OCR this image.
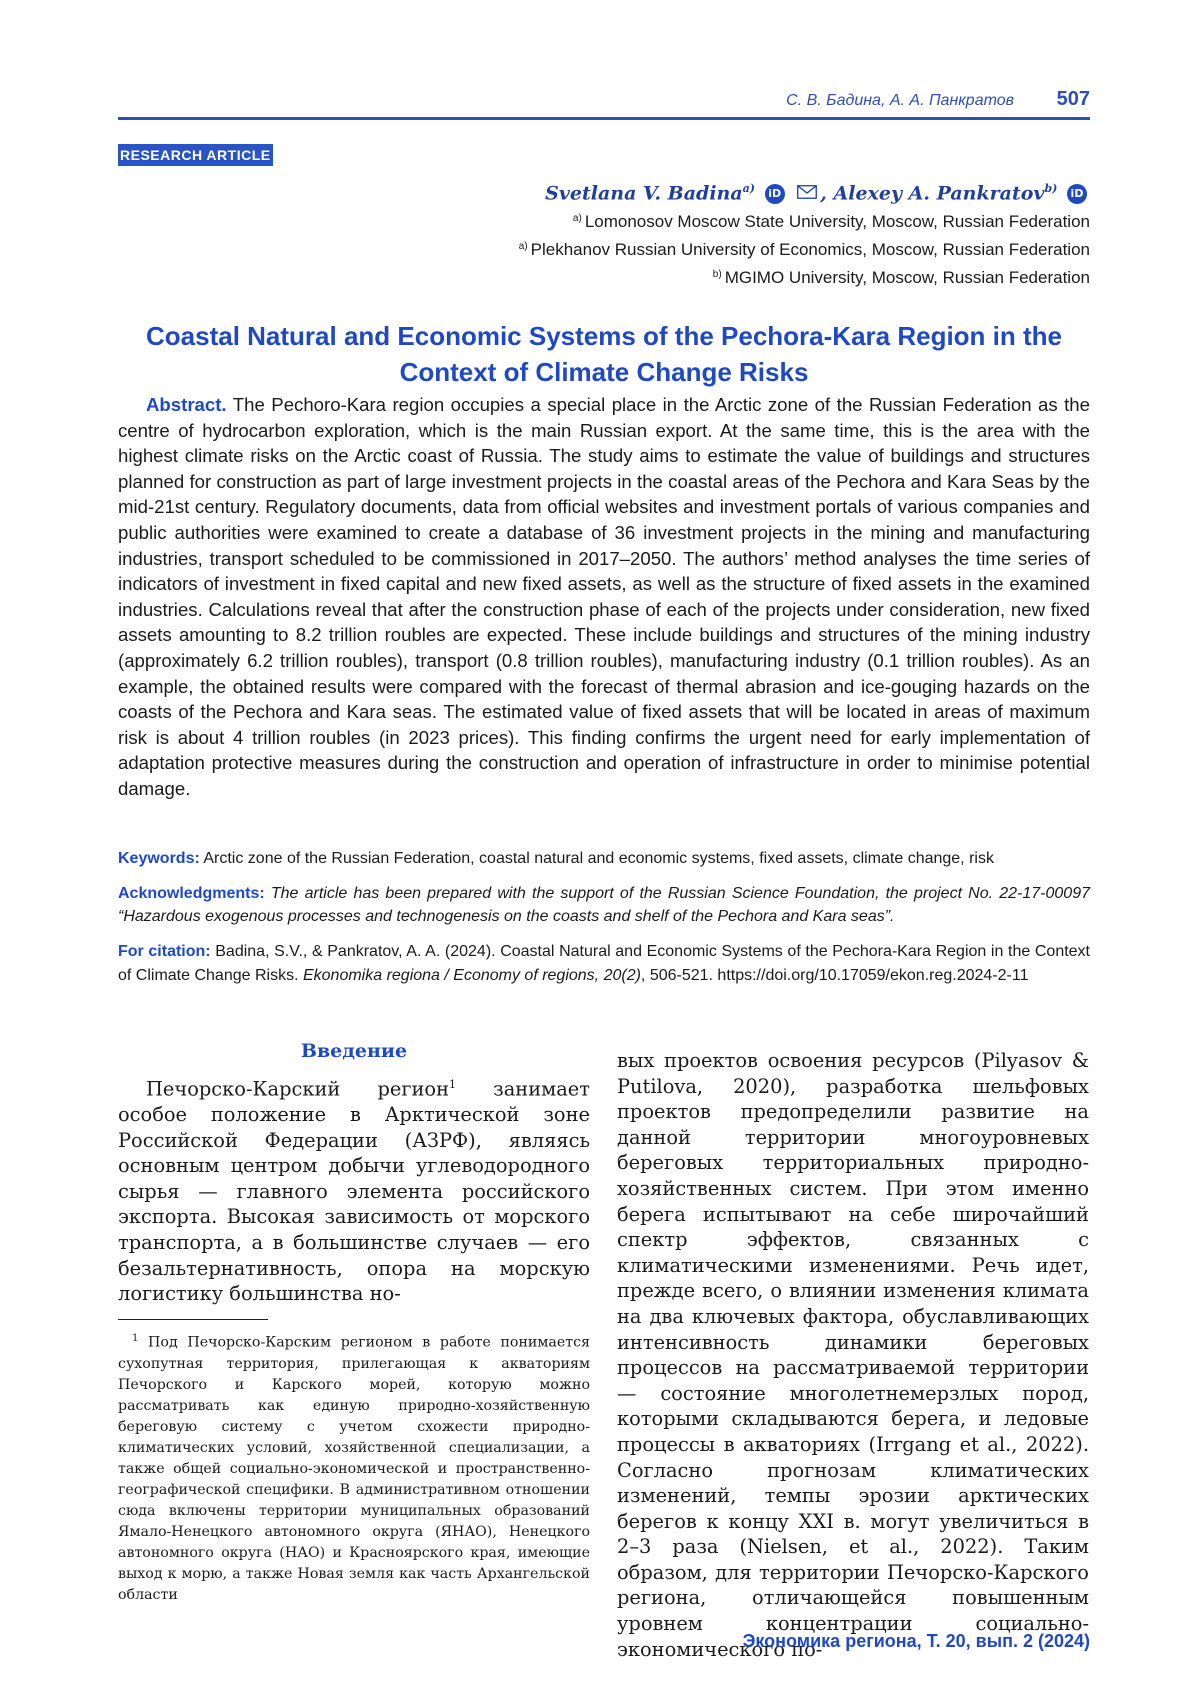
С. В. Бадина, А. А. Панкратов 507
RESEARCH ARTICLE
Svetlana V. Badina$^{a)}$ iD , Alexey A. Pankratov$^{b)}$ iD
$^{a)}$ Lomonosov Moscow State University, Moscow, Russian Federation
$^{a)}$ Plekhanov Russian University of Economics, Moscow, Russian Federation
$^{b)}$ MGIMO University, Moscow, Russian Federation
Coastal Natural and Economic Systems of the Pechora-Kara Region in the Context of Climate Change Risks
Abstract. The Pechoro-Kara region occupies a special place in the Arctic zone of the Russian Federation as the centre of hydrocarbon exploration, which is the main Russian export. At the same time, this is the area with the highest climate risks on the Arctic coast of Russia. The study aims to estimate the value of buildings and structures planned for construction as part of large investment projects in the coastal areas of the Pechora and Kara Seas by the mid-21st century. Regulatory documents, data from official websites and investment portals of various companies and public authorities were examined to create a database of 36 investment projects in the mining and manufacturing industries, transport scheduled to be commissioned in 2017–2050. The authors’ method analyses the time series of indicators of investment in fixed capital and new fixed assets, as well as the structure of fixed assets in the examined industries. Calculations reveal that after the construction phase of each of the projects under consideration, new fixed assets amounting to 8.2 trillion roubles are expected. These include buildings and structures of the mining industry (approximately 6.2 trillion roubles), transport (0.8 trillion roubles), manufacturing industry (0.1 trillion roubles). As an example, the obtained results were compared with the forecast of thermal abrasion and ice-gouging hazards on the coasts of the Pechora and Kara seas. The estimated value of fixed assets that will be located in areas of maximum risk is about 4 trillion roubles (in 2023 prices). This finding confirms the urgent need for early implementation of adaptation protective measures during the construction and operation of infrastructure in order to minimise potential damage.
Keywords: Arctic zone of the Russian Federation, coastal natural and economic systems, fixed assets, climate change, risk
Acknowledgments: The article has been prepared with the support of the Russian Science Foundation, the project No. 22-17-00097 “Hazardous exogenous processes and technogenesis on the coasts and shelf of the Pechora and Kara seas”.
For citation: Badina, S.V., & Pankratov, A. A. (2024). Coastal Natural and Economic Systems of the Pechora-Kara Region in the Context of Climate Change Risks. Ekonomika regiona / Economy of regions, 20(2), 506-521. https://doi.org/10.17059/ekon.reg.2024-2-11
Введение
Печорско-Карский регион$^1$ занимает особое положение в Арктической зоне Российской Федерации (АЗРФ), являясь основным центром добычи углеводородного сырья — главного элемента российского экспорта. Высокая зависимость от морского транспорта, а в большинстве случаев — его безальтернативность, опора на морскую логистику большинства но-
$^1$ Под Печорско-Карским регионом в работе понимается сухопутная территория, прилегающая к акваториям Печорского и Карского морей, которую можно рассматривать как единую природно-хозяйственную береговую систему с учетом схожести природно-климатических условий, хозяйственной специализации, а также общей социально-экономической и пространственно-географической специфики. В административном отношении сюда включены территории муниципальных образований Ямало-Ненецкого автономного округа (ЯНАО), Ненецкого автономного округа (НАО) и Красноярского края, имеющие выход к морю, а также Новая земля как часть Архангельской области
вых проектов освоения ресурсов (Pilyasov & Putilova, 2020), разработка шельфовых проектов предопределили развитие на данной территории многоуровневых береговых территориальных природно-хозяйственных систем. При этом именно берега испытывают на себе широчайший спектр эффектов, связанных с климатическими изменениями. Речь идет, прежде всего, о влиянии изменения климата на два ключевых фактора, обуславливающих интенсивность динамики береговых процессов на рассматриваемой территории — состояние многолетнемерзлых пород, которыми складываются берега, и ледовые процессы в акваториях (Irrgang et al., 2022). Согласно прогнозам климатических изменений, темпы эрозии арктических берегов к концу XXI в. могут увеличиться в 2–3 раза (Nielsen, et al., 2022). Таким образом, для территории Печорско-Карского региона, отличающейся повышенным уровнем концентрации социально-экономического по-
Экономика региона, Т. 20, вып. 2 (2024)
